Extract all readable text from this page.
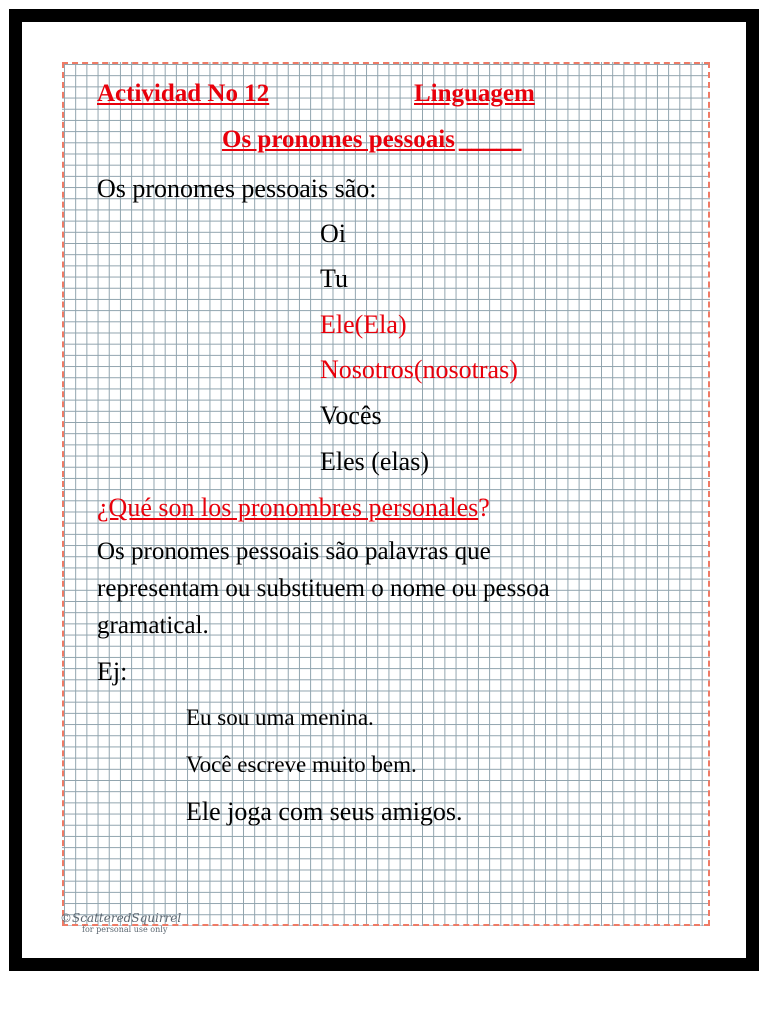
Actividad No 12	Linguagem
Os pronomes pessoais _____
Os pronomes pessoais são:
Oi
Tu
Ele(Ela)
Nosotros(nosotras)
Vocês
Eles (elas)
¿Qué son los pronombres personales?
Os pronomes pessoais são palavras que
representam ou substituem o nome ou pessoa
gramatical.
Ej:
Eu sou uma menina.
Você escreve muito bem.
Ele joga com seus amigos.
©ScatteredSquirrel
for personal use only
